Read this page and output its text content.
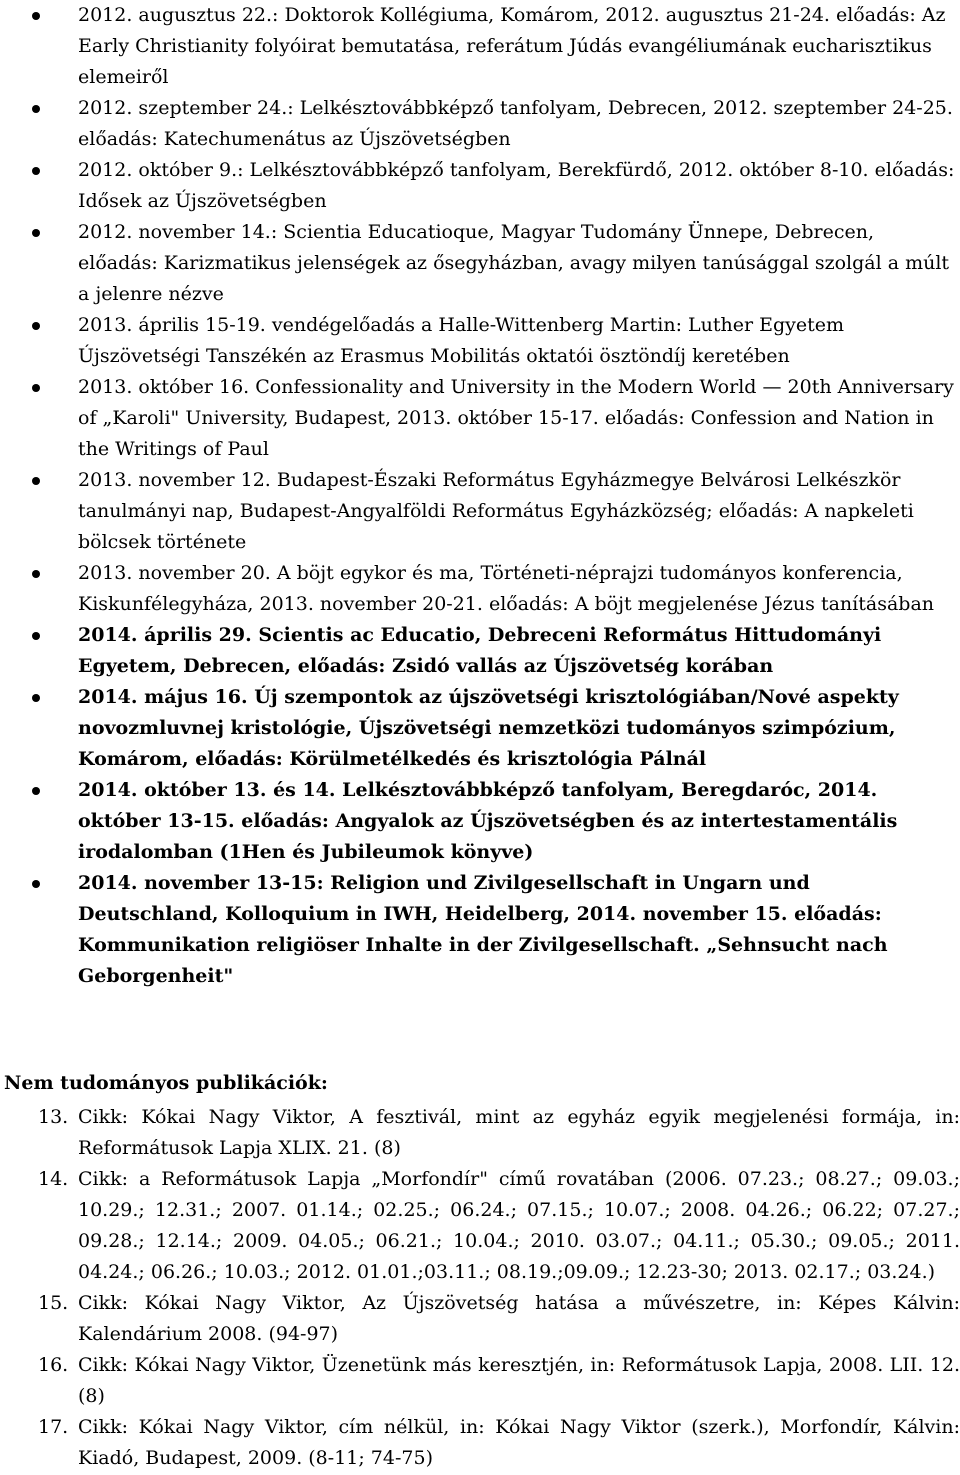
2012. augusztus 22.: Doktorok Kollégiuma, Komárom, 2012. augusztus 21-24. előadás: Az Early Christianity folyóirat bemutatása, referátum Júdás evangéliumának eucharisztikus elemeiről
2012. szeptember 24.: Lelkésztovábbképző tanfolyam, Debrecen, 2012. szeptember 24-25. előadás: Katechumenátus az Újszövetségben
2012. október 9.: Lelkésztovábbképző tanfolyam, Berekfürdő, 2012. október 8-10. előadás: Idősek az Újszövetségben
2012. november 14.: Scientia Educatioque, Magyar Tudomány Ünnepe, Debrecen, előadás: Karizmatikus jelenségek az ősegyházban, avagy milyen tanúsággal szolgál a múlt a jelenre nézve
2013. április 15-19. vendégelőadás a Halle-Wittenberg Martin: Luther Egyetem Újszövetségi Tanszékén az Erasmus Mobilitás oktatói ösztöndíj keretében
2013. október 16. Confessionality and University in the Modern World — 20th Anniversary of „Karoli" University, Budapest, 2013. október 15-17. előadás: Confession and Nation in the Writings of Paul
2013. november 12. Budapest-Északi Református Egyházmegye Belvárosi Lelkészkör tanulmányi nap, Budapest-Angyalföldi Református Egyházközség; előadás: A napkeleti bölcsek története
2013. november 20. A böjt egykor és ma, Történeti-néprajzi tudományos konferencia, Kiskunfélegyháza, 2013. november 20-21. előadás: A böjt megjelenése Jézus tanításában
2014. április 29. Scientis ac Educatio, Debreceni Református Hittudományi Egyetem, Debrecen, előadás: Zsidó vallás az Újszövetség korában
2014. május 16. Új szempontok az újszövetségi krisztológiában/Nové aspekty novozmluvnej kristológie, Újszövetségi nemzetközi tudományos szimpózium, Komárom, előadás: Körülmetélkedés és krisztológia Pálnál
2014. október 13. és 14. Lelkésztovábbképző tanfolyam, Beregdaróc, 2014. október 13-15. előadás: Angyalok az Újszövetségben és az intertestamentális irodalomban (1Hen és Jubileumok könyve)
2014. november 13-15: Religion und Zivilgesellschaft in Ungarn und Deutschland, Kolloquium in IWH, Heidelberg, 2014. november 15. előadás: Kommunikation religiöser Inhalte in der Zivilgesellschaft. „Sehnsucht nach Geborgenheit"
Nem tudományos publikációk:
13. Cikk: Kókai Nagy Viktor, A fesztivál, mint az egyház egyik megjelenési formája, in: Reformátusok Lapja XLIX. 21. (8)
14. Cikk: a Reformátusok Lapja „Morfondír" című rovatában (2006. 07.23.; 08.27.; 09.03.; 10.29.; 12.31.; 2007. 01.14.; 02.25.; 06.24.; 07.15.; 10.07.; 2008. 04.26.; 06.22; 07.27.; 09.28.; 12.14.; 2009. 04.05.; 06.21.; 10.04.; 2010. 03.07.; 04.11.; 05.30.; 09.05.; 2011. 04.24.; 06.26.; 10.03.; 2012. 01.01.;03.11.; 08.19.;09.09.; 12.23-30; 2013. 02.17.; 03.24.)
15. Cikk: Kókai Nagy Viktor, Az Újszövetség hatása a művészetre, in: Képes Kálvin: Kalendárium 2008. (94-97)
16. Cikk: Kókai Nagy Viktor, Üzenetünk más keresztjén, in: Reformátusok Lapja, 2008. LII. 12. (8)
17. Cikk: Kókai Nagy Viktor, cím nélkül, in: Kókai Nagy Viktor (szerk.), Morfondír, Kálvin: Kiadó, Budapest, 2009. (8-11; 74-75)
